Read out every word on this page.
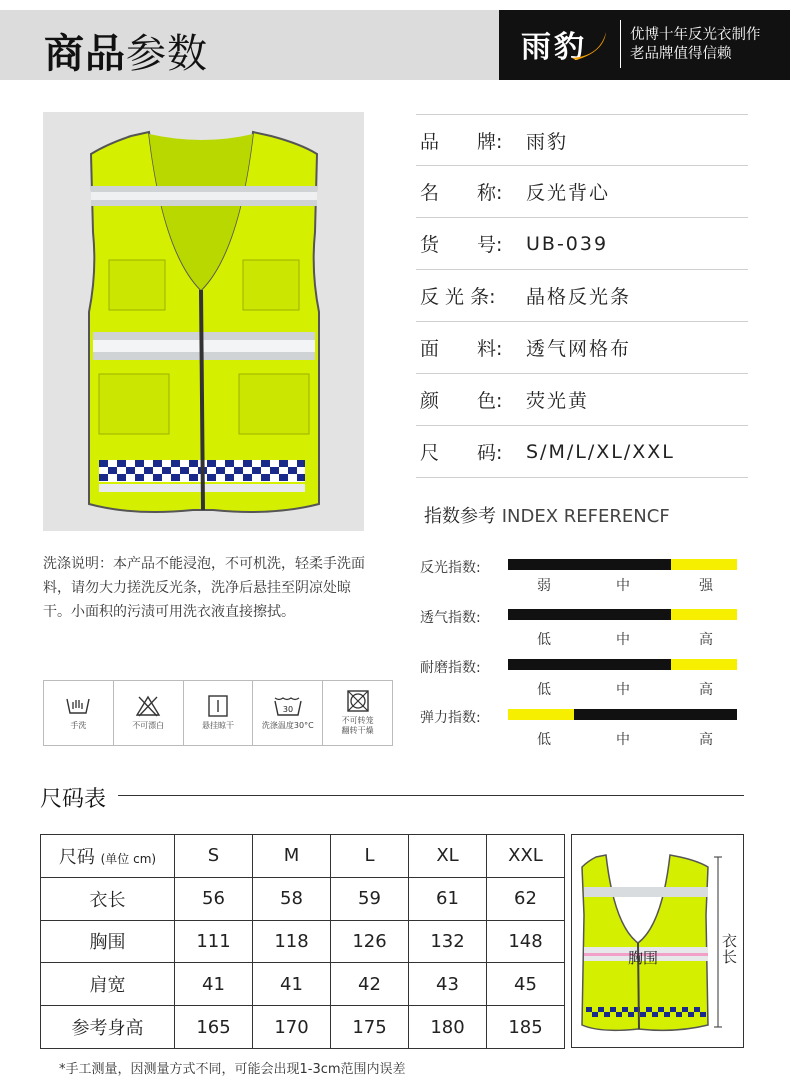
商品参数	雨豹	优博十年反光衣制作
老品牌值得信赖
品　　牌:	雨豹
名　　称:	反光背心
货　　号:	UB-039
反 光 条:	晶格反光条
面　　料:	透气网格布
颜　　色:	荧光黄
尺　　码:	S/M/L/XL/XXL
指数参考 INDEX REFERENCF
反光指数:
弱	中	强
透气指数:
低	中	高
耐磨指数:
低	中	高
弹力指数:
低	中	高
洗涤说明：本产品不能浸泡，不可机洗，轻柔手洗面料，请勿大力搓洗反光条，洗净后悬挂至阴凉处晾干。小面积的污渍可用洗衣液直接擦拭。
手洗	不可漂白	悬挂晾干
30
洗涤温度30°C
不可转笼
翻转干燥
尺码表
尺码 (单位 cm)	S	M	L	XL	XXL
衣长	56	58	59	61	62
胸围	111	118	126	132	148
肩宽	41	41	42	43	45
参考身高	165	170	175	180	185
胸围
衣长
*手工测量，因测量方式不同，可能会出现1-3cm范围内误差
